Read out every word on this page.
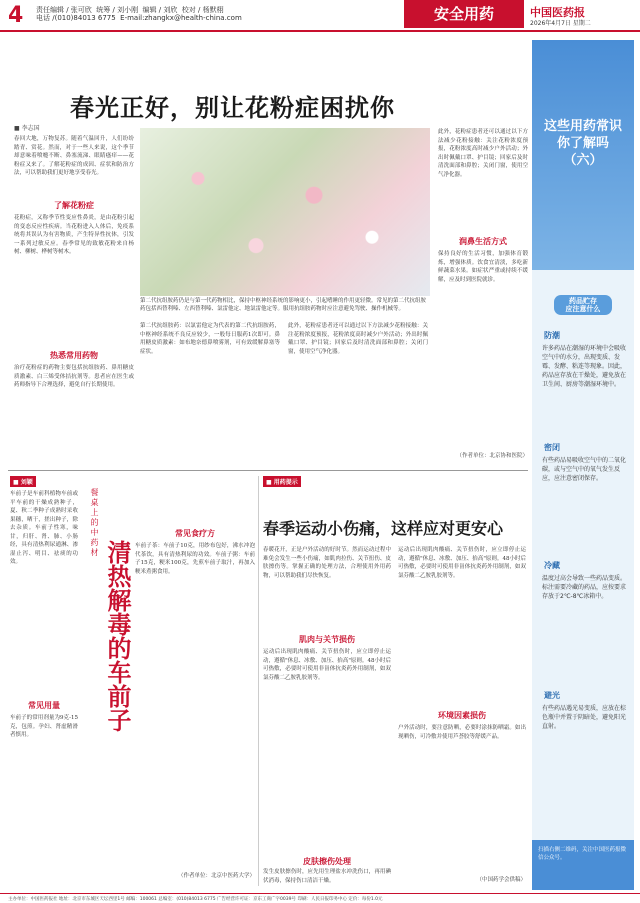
4 责任编辑 / 张可欣  统筹 / 刘小刚  编辑 / 刘欣  校对 / 杨默栩
电话 /(010)84013 6775  E-mail:zhangkx@health-china.com	安全用药	中国医药报
2026年4月7日 星期二
春光正好，别让花粉症困扰你
■ 李志国
春回大地，万物复苏。随着气温回升，人们纷纷踏青、赏花。然而，对于一些人来说，这个季节却意味着喷嚏不断、鼻塞流涕、眼睛瘙痒——花粉症又来了。了解花粉症的成因、症状和防治方法，可以帮助我们更好地享受春光。
了解花粉症
花粉症，又称季节性变应性鼻炎，是由花粉引起的变态反应性疾病。当花粉进入人体后，免疫系统将其误认为有害物质，产生特异性抗体，引发一系列过敏反应。春季常见的致敏花粉来自杨树、柳树、桦树等树木。
热悉常用药物
治疗花粉症的药物主要包括抗组胺药、鼻用糖皮质激素、白三烯受体拮抗剂等。患者应在医生或药师指导下合理选择，避免自行长期使用。
第二代抗组胺药仍是与第一代药物相比，保持中枢神经系统的影响更小，引起嗜睡的作用更轻微。常见的第二代抗组胺药包括西替利嗪、左西替利嗪、氯雷他定、地氯雷他定等。服用抗组胺药物时应注意避免驾驶、操作机械等。
第二代抗组胺药：以氯雷他定为代表的第二代抗组胺药，中枢神经系统不良反应较少，一般每日服药1次即可。鼻用糖皮质激素：如布地奈德鼻喷雾剂，可有效缓解鼻塞等症状。
此外，花粉症患者还可以通过以下方法减少花粉接触：关注花粉浓度预报，花粉浓度高时减少户外活动；外出时佩戴口罩、护目镜；回家后及时清洗面部和鼻腔；关闭门窗，使用空气净化器。
此外，花粉症患者还可以通过以下方法减少花粉接触：关注花粉浓度预报，花粉浓度高时减少户外活动；外出时佩戴口罩、护目镜；回家后及时清洗面部和鼻腔；关闭门窗，使用空气净化器。
润鼻生活方式
保持良好的生活习惯，加强体育锻炼，增强体质。饮食宜清淡，多吃新鲜蔬菜水果。如症状严重或持续不缓解，应及时到医院就诊。
（作者单位：北京协和医院）
这些用药常识
你了解吗
（六）
药品贮存
应注意什么
防潮
许多药品在潮湿的环境中会吸收空气中的水分，出现变质、发霉、发酵、粘连等现象。因此，药品应存放在干燥处，避免放在卫生间、厨房等潮湿环境中。
密闭
有些药品易吸收空气中的二氧化碳，或与空气中的氧气发生反应，应注意密闭保存。
冷藏
温度过高会导致一些药品变质。标注需要冷藏的药品，应按要求存放于2℃-8℃冰箱中。
避光
有些药品遇光易变质，应放在棕色瓶中并置于阴暗处，避免阳光直射。
扫描右侧二维码，关注中国医药报微信公众号。
■ 刘颖
餐桌上的中药材
清热解毒的车前子
车前子是车前科植物车前或平车前的干燥成熟种子，夏、秋二季种子成熟时采收果穗，晒干，搓出种子，除去杂质。车前子性寒，味甘，归肝、肾、肺、小肠经，具有清热利尿通淋、渗湿止泻、明目、祛痰的功效。
常见用量
车前子的常用剂量为9克-15克，包煎。孕妇、肾虚精滑者慎用。
常见食疗方
车前子茶：车前子10克，用纱布包好，沸水冲泡代茶饮，具有清热利尿的功效。车前子粥：车前子15克，粳米100克，先煎车前子取汁，再加入粳米煮粥食用。
（作者单位：北京中医药大学）
■ 用药提示
春季运动小伤痛，这样应对更安心
春暖花开，正是户外活动的好时节。然而运动过程中难免会发生一些小伤痛，如肌肉拉伤、关节扭伤、皮肤擦伤等。掌握正确的处理方法，合理使用外用药物，可以帮助我们尽快恢复。
肌肉与关节损伤
运动后出现肌肉酸痛、关节扭伤时，应立即停止运动，遵循"休息、冰敷、加压、抬高"原则。48小时后可热敷，必要时可使用非甾体抗炎药外用制剂，如双氯芬酸二乙胺乳胶剂等。
皮肤擦伤处理
发生皮肤擦伤时，应先用生理盐水冲洗伤口，再用碘伏消毒，保持伤口清洁干燥。
环境因素损伤
户外活动时，要注意防晒，必要时涂抹防晒霜。如出现晒伤，可冷敷并使用芦荟胶等舒缓产品。
（中国药学会供稿）
运动后出现肌肉酸痛、关节扭伤时，应立即停止运动，遵循"休息、冰敷、加压、抬高"原则。48小时后可热敷，必要时可使用非甾体抗炎药外用制剂，如双氯芬酸二乙胺乳胶剂等。
主办单位：中国医药报社 地址：北京市东城区天坛西里1号 邮编：100061 总编室：(010)84013 6775 广告经营许可证：京东工商广字0039号 印刷：人民日报印务中心 定价：每份1.0元
